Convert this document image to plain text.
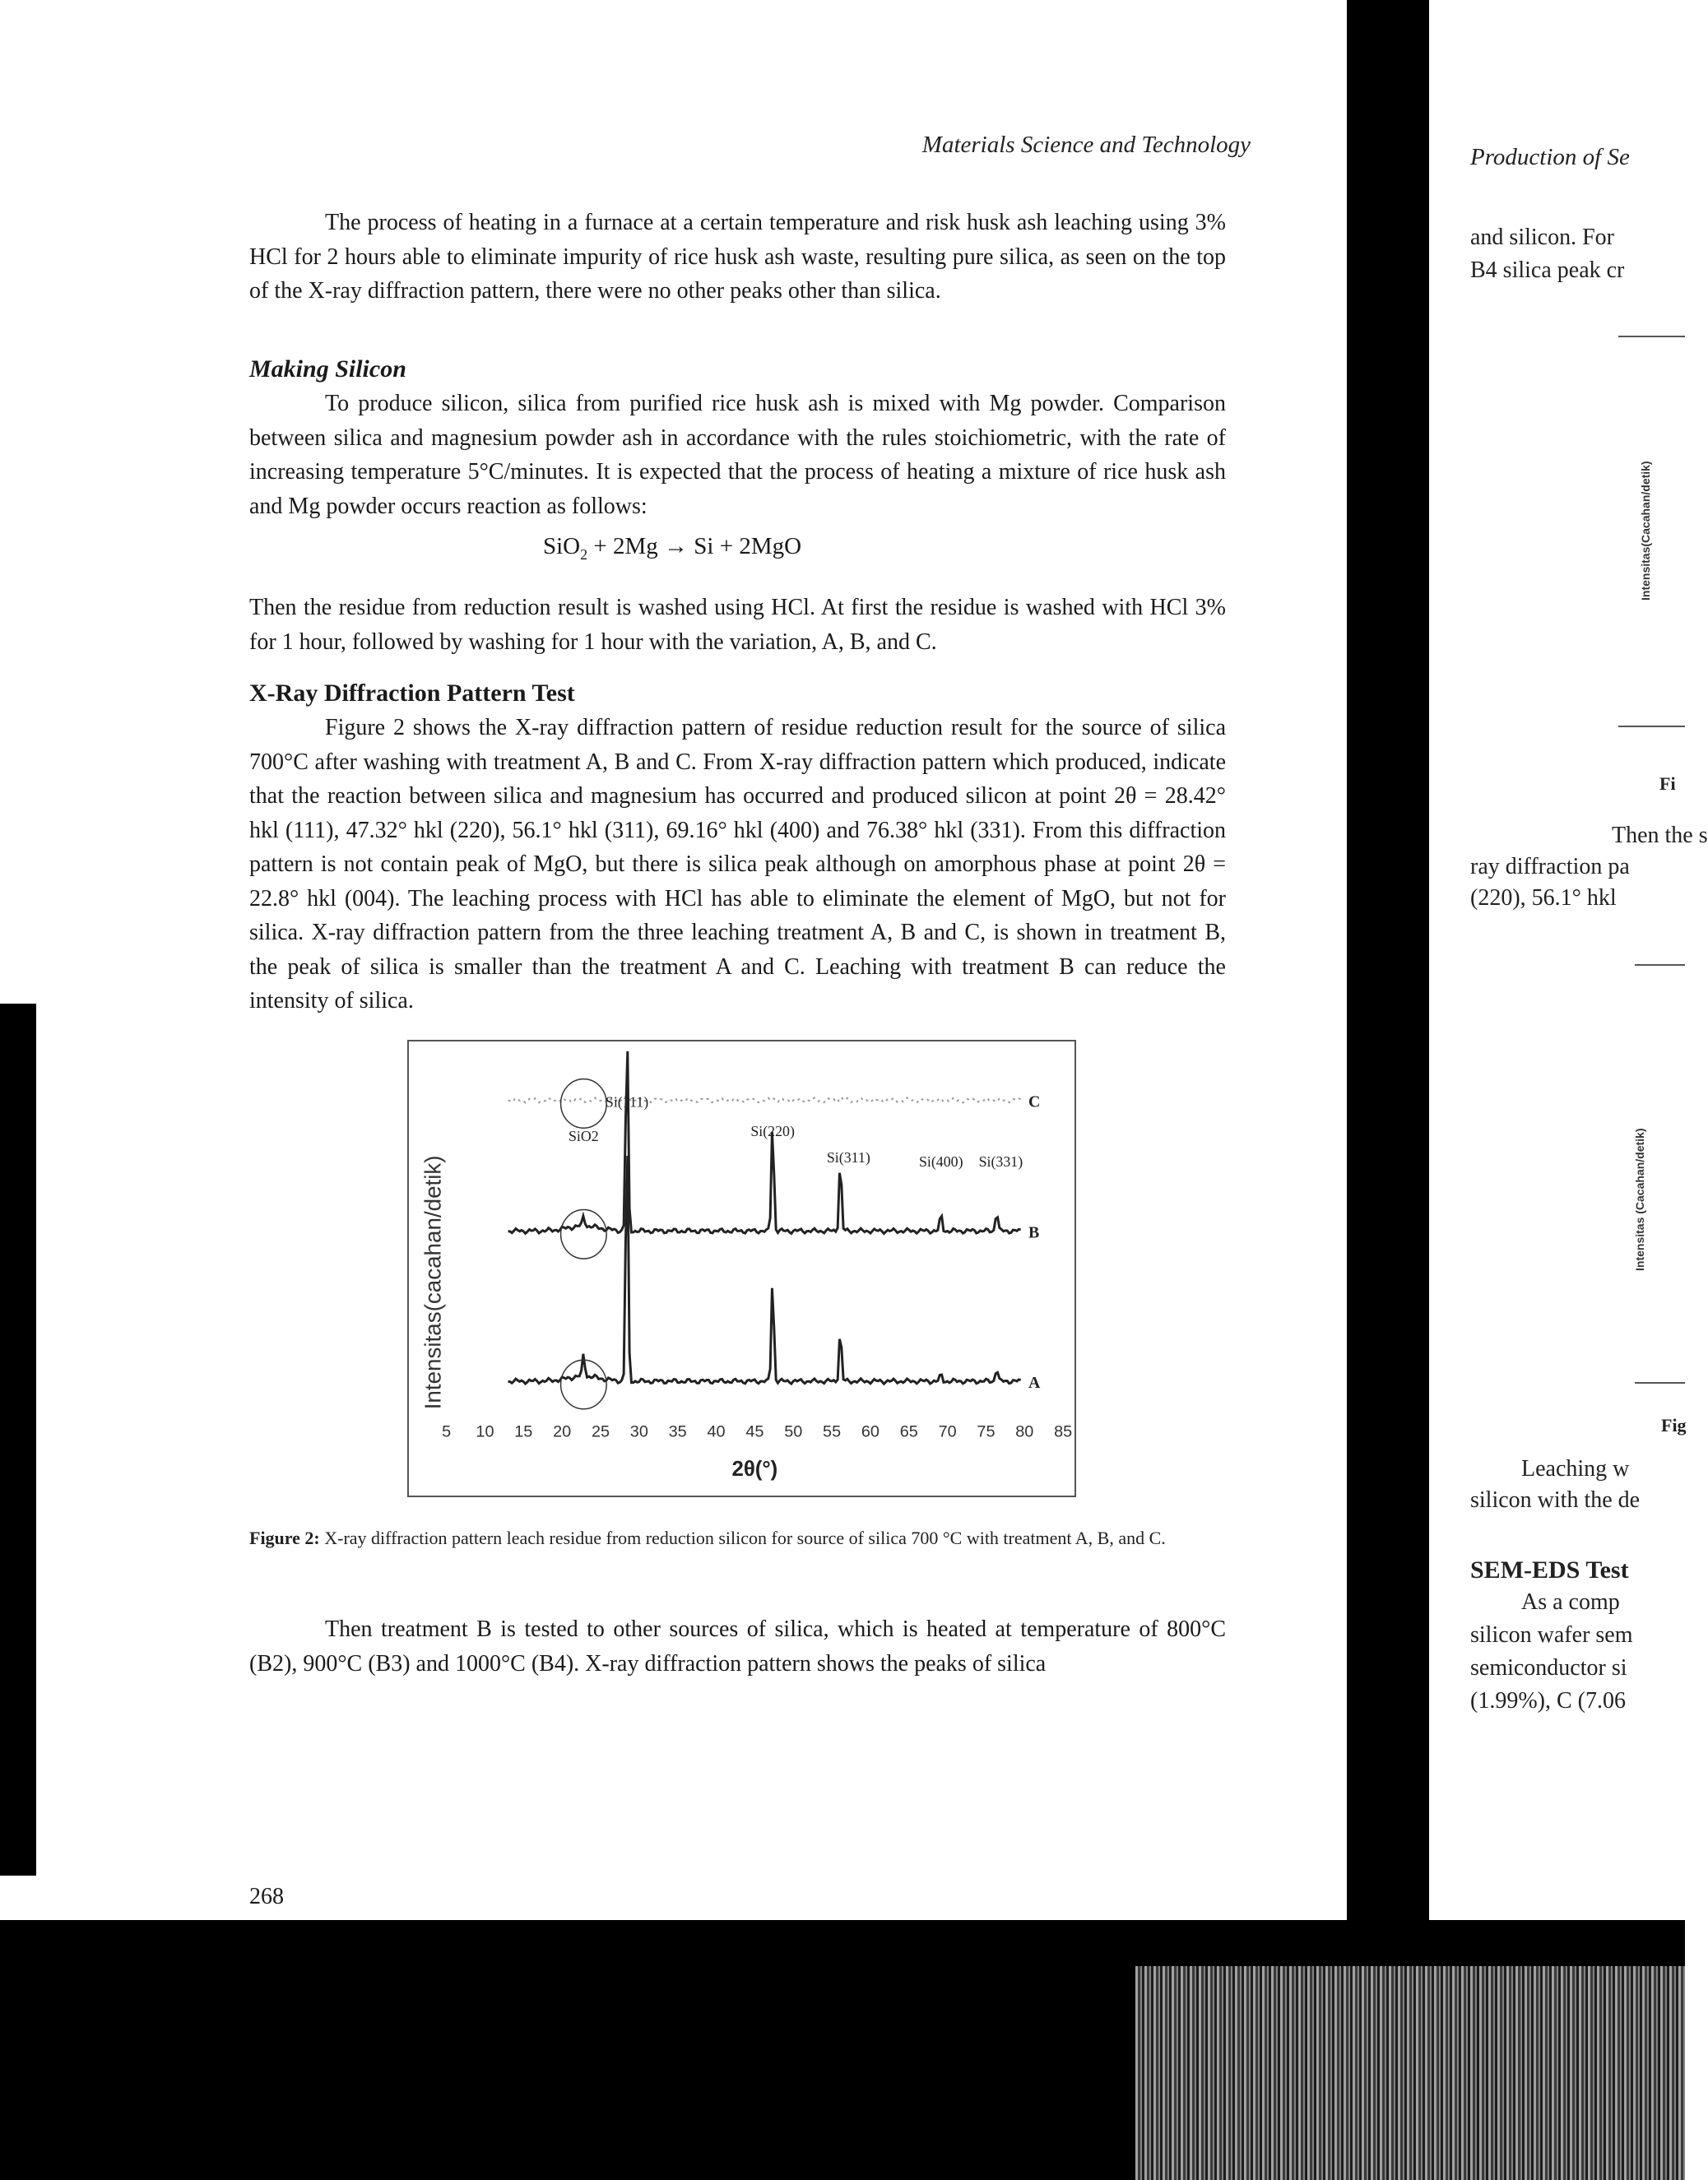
Materials Science and Technology

The process of heating in a furnace at a certain temperature and risk husk ash leaching using 3% HCl for 2 hours able to eliminate impurity of rice husk ash waste, resulting pure silica, as seen on the top of the X-ray diffraction pattern, there were no other peaks other than silica.

Making Silicon

To produce silicon, silica from purified rice husk ash is mixed with Mg powder. Comparison between silica and magnesium powder ash in accordance with the rules stoichiometric, with the rate of increasing temperature 5°C/minutes. It is expected that the process of heating a mixture of rice husk ash and Mg powder occurs reaction as follows:

SiO$_2$ + 2Mg → Si + 2MgO

Then the residue from reduction result is washed using HCl. At first the residue is washed with HCl 3% for 1 hour, followed by washing for 1 hour with the variation, A, B, and C.

X-Ray Diffraction Pattern Test

Figure 2 shows the X-ray diffraction pattern of residue reduction result for the source of silica 700°C after washing with treatment A, B and C. From X-ray diffraction pattern which produced, indicate that the reaction between silica and magnesium has occurred and produced silicon at point 2θ = 28.42° hkl (111), 47.32° hkl (220), 56.1° hkl (311), 69.16° hkl (400) and 76.38° hkl (331). From this diffraction pattern is not contain peak of MgO, but there is silica peak although on amorphous phase at point 2θ = 22.8° hkl (004). The leaching process with HCl has able to eliminate the element of MgO, but not for silica. X-ray diffraction pattern from the three leaching treatment A, B and C, is shown in treatment B, the peak of silica is smaller than the treatment A and C. Leaching with treatment B can reduce the intensity of silica.

Intensitas(cacahan/detik)
5 10 15 20 25 30 35 40 45 50 55 60 65 70 75 80 85
2θ(°)
C
B
A
Si(111)
SiO2	Si(220)
Si(311)	Si(400) Si(331)
Figure 2: X-ray diffraction pattern leach residue from reduction silicon for source of silica 700 °C with treatment A, B, and C.

Then treatment B is tested to other sources of silica, which is heated at temperature of 800°C (B2), 900°C (B3) and 1000°C (B4). X-ray diffraction pattern shows the peaks of silica

268
Production of Se
and silicon. For
B4 silica peak cr
Intensitas(Cacahan/detik)
Fi
Then the s
ray diffraction pa
(220), 56.1° hkl
Intensitas (Cacahan/detik)
Fig
Leaching w
silicon with the de
SEM-EDS Test
As a comp
silicon wafer sem
semiconductor si
(1.99%), C (7.06
